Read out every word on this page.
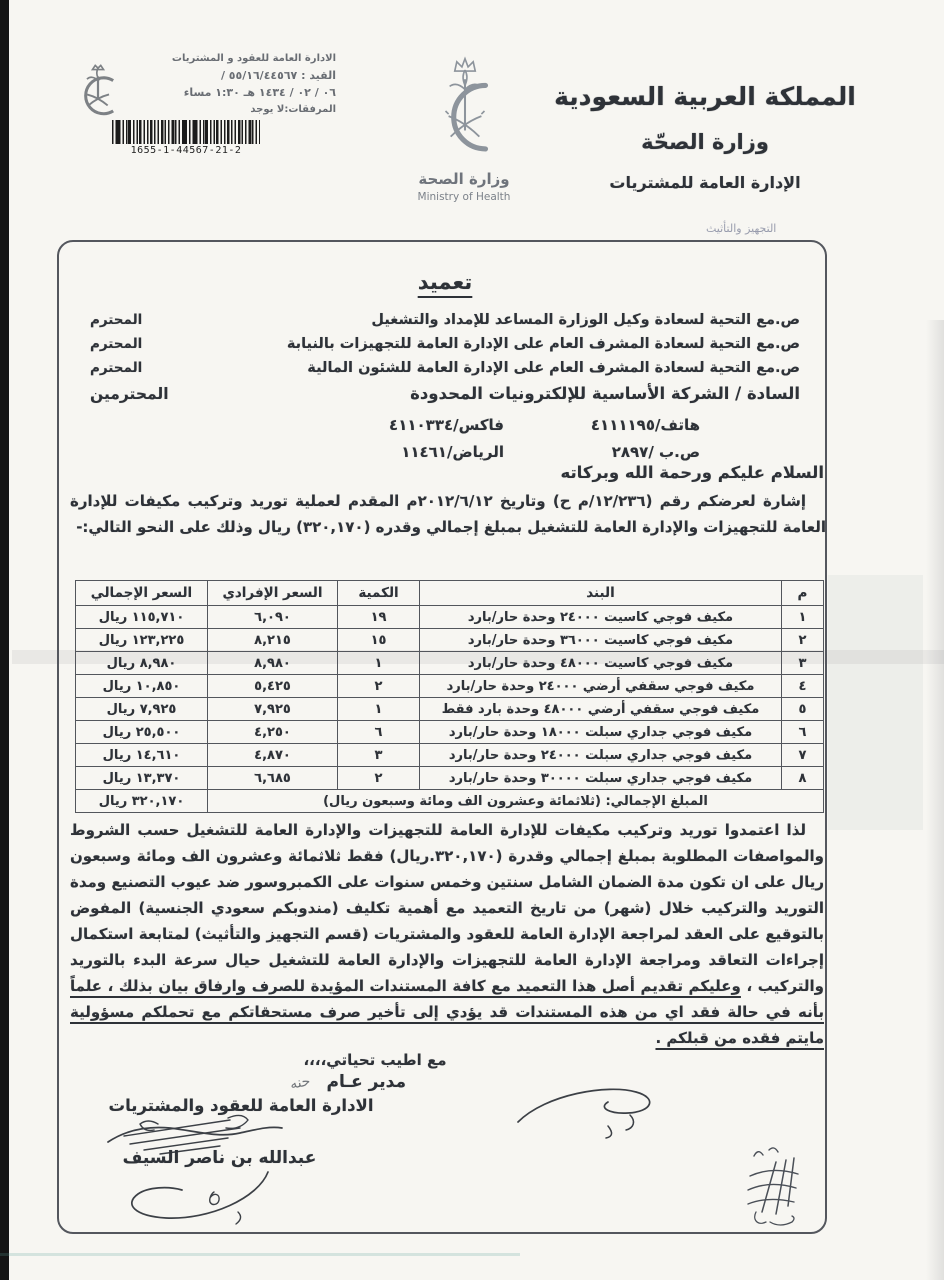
الادارة العامة للعقود و المشتريات
القيد : ٥٥/١٦/٤٤٥٦٧ /
٠٦ / ٠٢ / ١٤٣٤ هـ ١:٣٠ مساء
المرفقات:لا يوجد
1655-1-44567-21-2
وزارة الصحة
Ministry of Health
المملكة العربية السعودية
وزارة الصحّة
الإدارة العامة للمشتريات
التجهيز والتأثيث
تعميد
ص.مع التحية لسعادة وكيل الوزارة المساعد للإمداد والتشغيل
المحترم
ص.مع التحية لسعادة المشرف العام على الإدارة العامة للتجهيزات بالنيابة
المحترم
ص.مع التحية لسعادة المشرف العام على الإدارة العامة للشئون المالية
المحترم
السادة / الشركة الأساسية للإلكترونيات المحدودة
المحترمين
هاتف/٤١١١١٩٥
فاكس/٤١١٠٣٣٤
ص.ب /٢٨٩٧
الرياض/١١٤٦١
السلام عليكم ورحمة الله وبركاته
إشارة لعرضكم رقم (١٢/٢٣٦/م ح) وتاريخ ٢٠١٢/٦/١٢م المقدم لعملية توريد وتركيب مكيفات للإدارة العامة للتجهيزات والإدارة العامة للتشغيل بمبلغ إجمالي وقدره (٣٢٠,١٧٠) ريال وذلك على النحو التالي:-
م	البند	الكمية	السعر الإفرادي	السعر الإجمالي
١	مكيف فوجي كاسيت ٢٤٠٠٠ وحدة حار/بارد	١٩	٦,٠٩٠	١١٥,٧١٠ ريال
٢	مكيف فوجي كاسيت ٣٦٠٠٠ وحدة حار/بارد	١٥	٨,٢١٥	١٢٣,٢٢٥ ريال
٣	مكيف فوجي كاسيت ٤٨٠٠٠ وحدة حار/بارد	١	٨,٩٨٠	٨,٩٨٠ ريال
٤	مكيف فوجي سقفي أرضي ٢٤٠٠٠ وحدة حار/بارد	٢	٥,٤٢٥	١٠,٨٥٠ ريال
٥	مكيف فوجي سقفي أرضي ٤٨٠٠٠ وحدة بارد فقط	١	٧,٩٢٥	٧,٩٢٥ ريال
٦	مكيف فوجي جداري سبلت ١٨٠٠٠ وحدة حار/بارد	٦	٤,٢٥٠	٢٥,٥٠٠ ريال
٧	مكيف فوجي جداري سبلت ٢٤٠٠٠ وحدة حار/بارد	٣	٤,٨٧٠	١٤,٦١٠ ريال
٨	مكيف فوجي جداري سبلت ٣٠٠٠٠ وحدة حار/بارد	٢	٦,٦٨٥	١٣,٣٧٠ ريال
المبلغ الإجمالي: (ثلاثمائة وعشرون الف ومائة وسبعون ريال)				٣٢٠,١٧٠ ريال
لذا اعتمدوا توريد وتركيب مكيفات للإدارة العامة للتجهيزات والإدارة العامة للتشغيل حسب الشروط والمواصفات المطلوبة بمبلغ إجمالي وقدرة (٣٢٠,١٧٠.ريال) فقط ثلاثمائة وعشرون الف ومائة وسبعون ريال على ان تكون مدة الضمان الشامل سنتين وخمس سنوات على الكمبروسور ضد عيوب التصنيع ومدة التوريد والتركيب خلال (شهر) من تاريخ التعميد مع أهمية تكليف (مندوبكم سعودي الجنسية) المفوض بالتوقيع على العقد لمراجعة الإدارة العامة للعقود والمشتريات (قسم التجهيز والتأثيث) لمتابعة استكمال إجراءات التعاقد ومراجعة الإدارة العامة للتجهيزات والإدارة العامة للتشغيل حيال سرعة البدء بالتوريد والتركيب ، وعليكم تقديم أصل هذا التعميد مع كافة المستندات المؤيدة للصرف وارفاق بيان بذلك ، علماً بأنه في حالة فقد اي من هذه المستندات قد يؤدي إلى تأخير صرف مستحقاتكم مع تحملكم مسؤولية مايتم فقده من قبلكم .
مع اطيب تحياتي،،،،
مدير عـام
حنه
الادارة العامة للعقود والمشتريات
عبدالله بن ناصر السيف
